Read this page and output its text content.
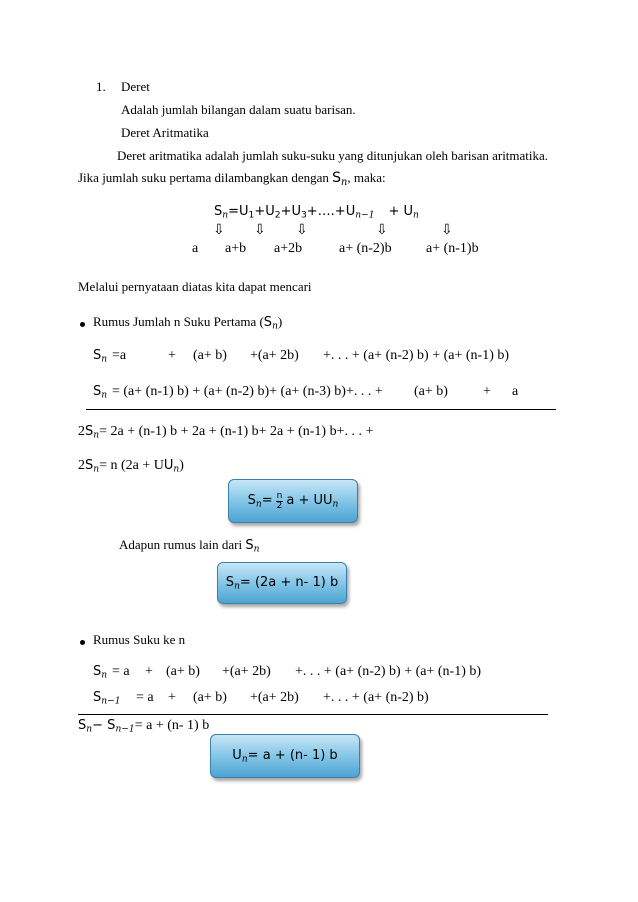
1. Deret
Adalah jumlah bilangan dalam suatu barisan.
Deret Aritmatika
Deret aritmatika adalah jumlah suku-suku yang ditunjukan oleh barisan aritmatika.
Jika jumlah suku pertama dilambangkan dengan $S_n$, maka:
$S_n=U_1+U_2+U_3+\dots.+U_{n-1} + U_n$
⇩ ⇩ ⇩	⇩	⇩
a a+b a+2b	a+ (n-2)b a+ (n-1)b
Melalui pernyataan diatas kita dapat mencari
Rumus Jumlah n Suku Pertama $(S_n)$
$S_n =a$	+ (a+ b) +(a+ 2b) +. . . + (a+ (n-2) b) + (a+ (n-1) b)
$S_n = (a+ (n-1) b) + (a+ (n-2)$ b)+ (a+ (n-3) b)+. . . + (a+ b)	+ a
$2S_n= 2a + (n-1) b + 2a + (n-1)$ b+ 2a + (n-1) b+. . . +
$2S_n= n$ $(2a + UU_n)$
$S_n= \frac{n}{2}$ $a + UU_n$
Adapun rumus lain dari $S_n$
$S_n= (2a + n-$ 1) b
Rumus Suku ke n
$S_n = a + (a+ b) +(a+ 2b)$ +. . . + (a+ (n-2) b) + (a+ (n-1) b)
$S_{n-1} = a + (a+ b) +(a+ 2b)$ +. . . + (a+ (n-2) b)
$S_n- S_{n-1}= a + (n-$ 1) b
$U_n= a + (n-$ 1) b
